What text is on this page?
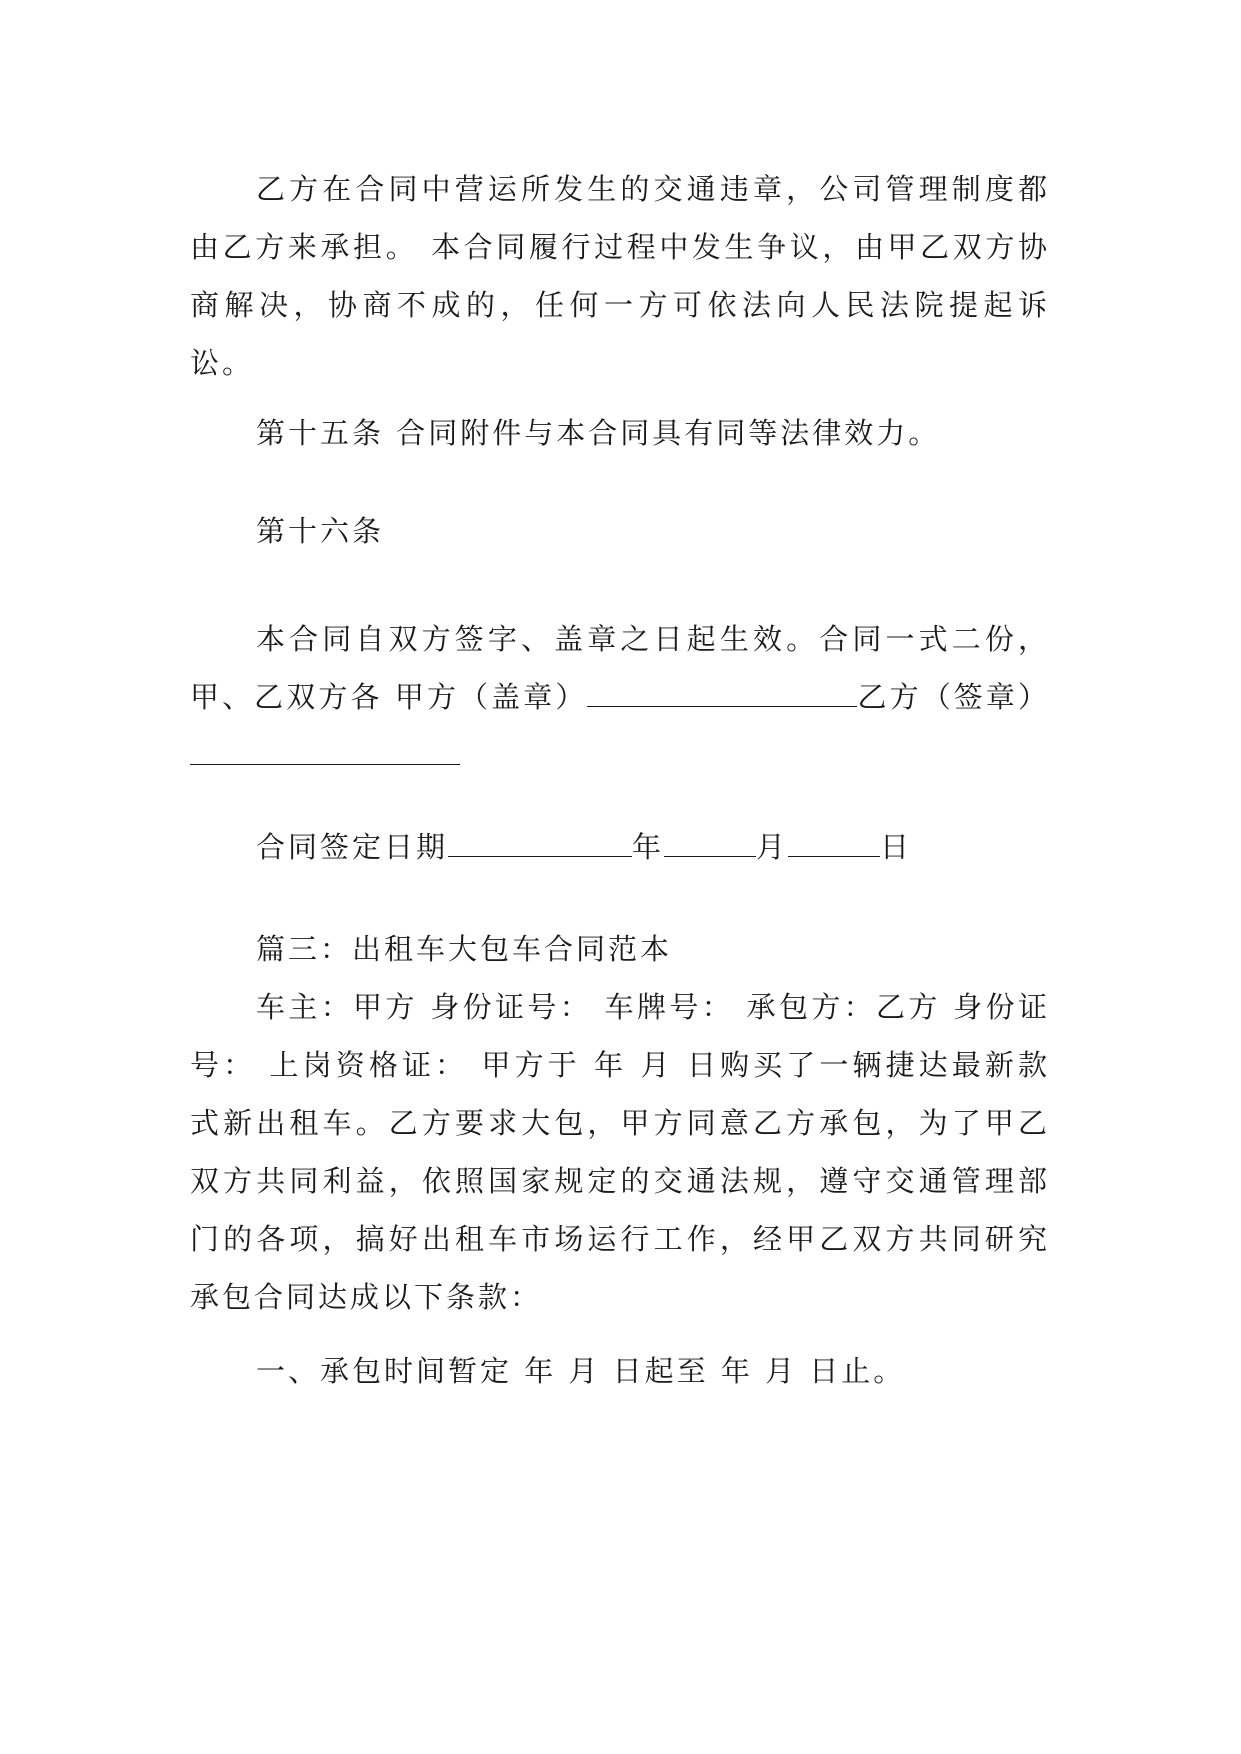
乙方在合同中营运所发生的交通违章，公司管理制度都由乙方来承担。 本合同履行过程中发生争议，由甲乙双方协商解决，协商不成的，任何一方可依法向人民法院提起诉讼。

第十五条 合同附件与本合同具有同等法律效力。

第十六条

本合同自双方签字、盖章之日起生效。合同一式二份，甲、乙双方各 甲方（盖章）	乙方（签章）

合同签定日期	年	月	日

篇三：出租车大包车合同范本

车主：甲方 身份证号： 车牌号： 承包方：乙方 身份证号： 上岗资格证： 甲方于 年 月 日购买了一辆捷达最新款式新出租车。乙方要求大包，甲方同意乙方承包，为了甲乙双方共同利益，依照国家规定的交通法规，遵守交通管理部门的各项，搞好出租车市场运行工作，经甲乙双方共同研究承包合同达成以下条款：

一、承包时间暂定 年 月 日起至 年 月 日止。
